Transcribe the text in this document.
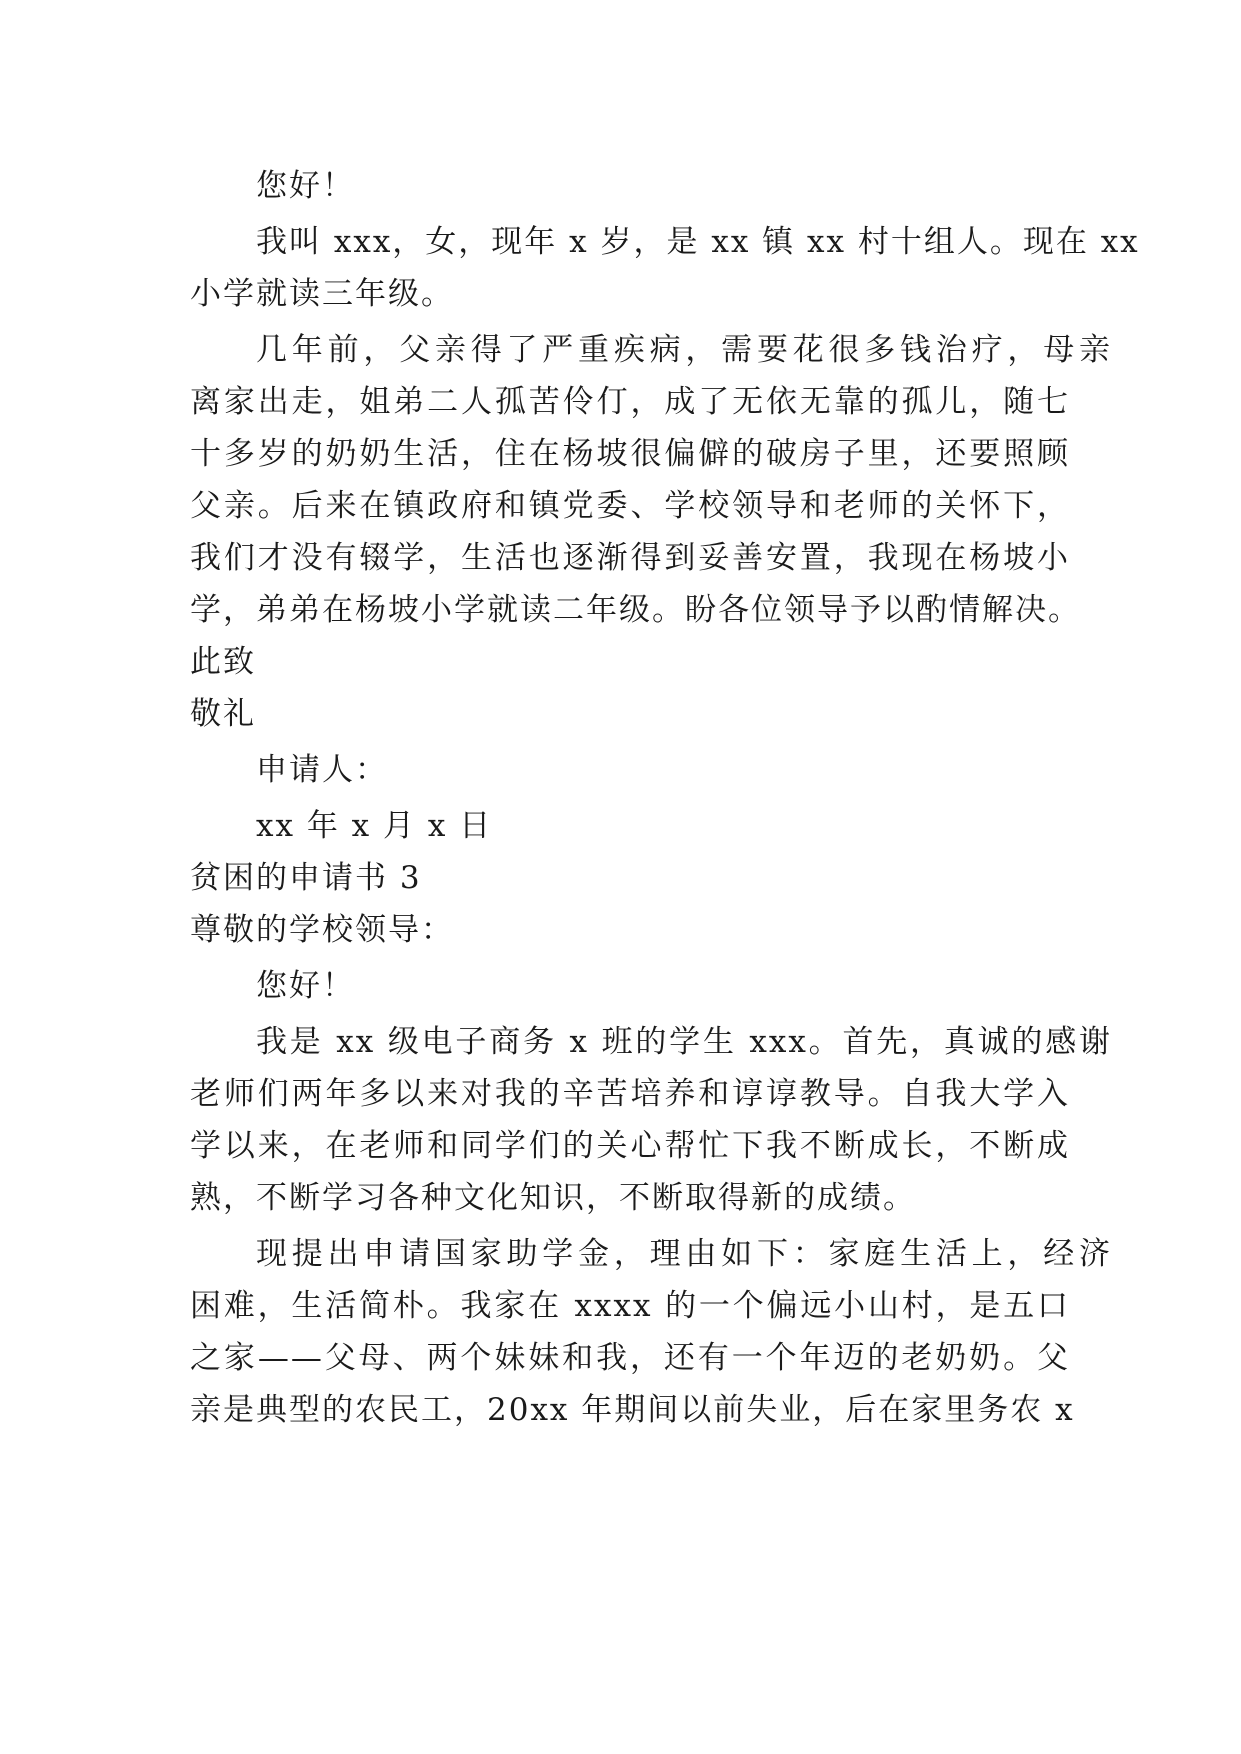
您好！
我叫 xxx，女，现年 x 岁，是 xx 镇 xx 村十组人。现在 xx
小学就读三年级。
几年前，父亲得了严重疾病，需要花很多钱治疗，母亲
离家出走，姐弟二人孤苦伶仃，成了无依无靠的孤儿，随七
十多岁的奶奶生活，住在杨坡很偏僻的破房子里，还要照顾
父亲。后来在镇政府和镇党委、学校领导和老师的关怀下，
我们才没有辍学，生活也逐渐得到妥善安置，我现在杨坡小
学，弟弟在杨坡小学就读二年级。盼各位领导予以酌情解决。
此致
敬礼
申请人：
xx 年 x 月 x 日
贫困的申请书 3
尊敬的学校领导：
您好！
我是 xx 级电子商务 x 班的学生 xxx。首先，真诚的感谢
老师们两年多以来对我的辛苦培养和谆谆教导。自我大学入
学以来，在老师和同学们的关心帮忙下我不断成长，不断成
熟，不断学习各种文化知识，不断取得新的成绩。
现提出申请国家助学金，理由如下：家庭生活上，经济
困难，生活简朴。我家在 xxxx 的一个偏远小山村，是五口
之家——父母、两个妹妹和我，还有一个年迈的老奶奶。父
亲是典型的农民工，20xx 年期间以前失业，后在家里务农 x
